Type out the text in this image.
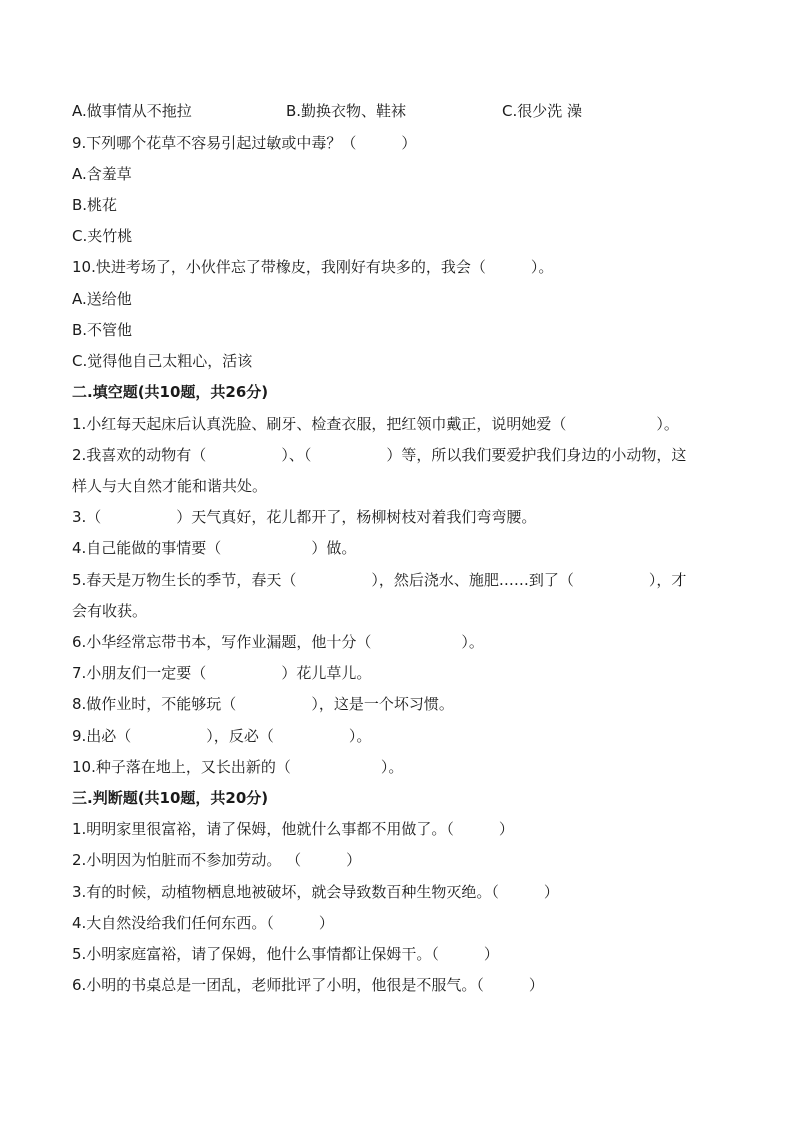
A.做事情从不拖拉	B.勤换衣物、鞋袜	C.很少洗 澡
9.下列哪个花草不容易引起过敏或中毒？（　　　）
A.含羞草
B.桃花
C.夹竹桃
10.快进考场了，小伙伴忘了带橡皮，我刚好有块多的，我会（　　　）。
A.送给他
B.不管他
C.觉得他自己太粗心，活该
二.填空题(共10题，共26分)
1.小红每天起床后认真洗脸、刷牙、检查衣服，把红领巾戴正，说明她爱（　　　　　　）。
2.我喜欢的动物有（　　　　　）、（　　　　　）等，所以我们要爱护我们身边的小动物，这
样人与大自然才能和谐共处。
3.（　　　　　）天气真好，花儿都开了，杨柳树枝对着我们弯弯腰。
4.自己能做的事情要（　　　　　　）做。
5.春天是万物生长的季节，春天（　　　　　），然后浇水、施肥……到了（　　　　　），才
会有收获。
6.小华经常忘带书本，写作业漏题，他十分（　　　　　　）。
7.小朋友们一定要（　　　　　）花儿草儿。
8.做作业时，不能够玩（　　　　　），这是一个坏习惯。
9.出必（　　　　　），反必（　　　　　）。
10.种子落在地上，又长出新的（　　　　　　）。
三.判断题(共10题，共20分)
1.明明家里很富裕，请了保姆，他就什么事都不用做了。（　　　）
2.小明因为怕脏而不参加劳动。 （　　　）
3.有的时候，动植物栖息地被破坏，就会导致数百种生物灭绝。（　　　）
4.大自然没给我们任何东西。（　　　）
5.小明家庭富裕，请了保姆，他什么事情都让保姆干。（　　　）
6.小明的书桌总是一团乱，老师批评了小明，他很是不服气。（　　　）
